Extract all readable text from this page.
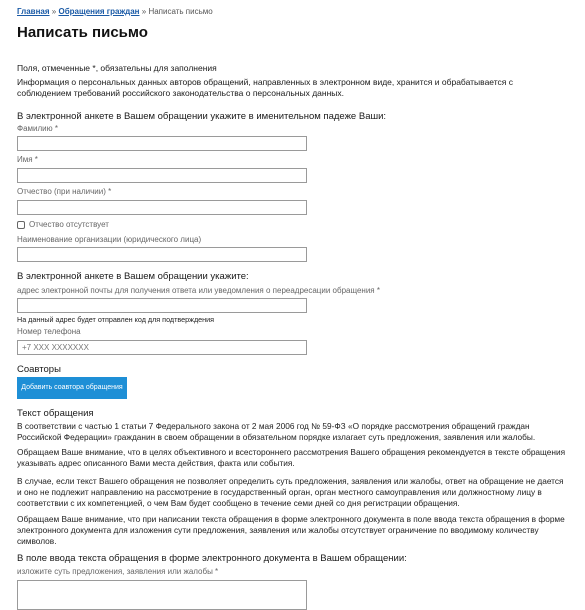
Главная » Обращения граждан » Написать письмо
Написать письмо
Поля, отмеченные *, обязательны для заполнения
Информация о персональных данных авторов обращений, направленных в электронном виде, хранится и обрабатывается с соблюдением требований российского законодательства о персональных данных.
В электронной анкете в Вашем обращении укажите в именительном падеже Ваши:
Фамилию *
Имя *
Отчество (при наличии) *
Отчество отсутствует
Наименование организации (юридического лица)
В электронной анкете в Вашем обращении укажите:
адрес электронной почты для получения ответа или уведомления о переадресации обращения *
На данный адрес будет отправлен код для подтверждения
Номер телефона
+7 XXX XXXXXXX
Соавторы
Добавить соавтора обращения
Текст обращения
В соответствии с частью 1 статьи 7 Федерального закона от 2 мая 2006 год № 59-ФЗ «О порядке рассмотрения обращений граждан Российской Федерации» гражданин в своем обращении в обязательном порядке излагает суть предложения, заявления или жалобы.
Обращаем Ваше внимание, что в целях объективного и всестороннего рассмотрения Вашего обращения рекомендуется в тексте обращения указывать адрес описанного Вами места действия, факта или события.
В случае, если текст Вашего обращения не позволяет определить суть предложения, заявления или жалобы, ответ на обращение не дается и оно не подлежит направлению на рассмотрение в государственный орган, орган местного самоуправления или должностному лицу в соответствии с их компетенцией, о чем Вам будет сообщено в течение семи дней со дня регистрации обращения.
Обращаем Ваше внимание, что при написании текста обращения в форме электронного документа в поле ввода текста обращения в форме электронного документа для изложения сути предложения, заявления или жалобы отсутствует ограничение по вводимому количеству символов.
В поле ввода текста обращения в форме электронного документа в Вашем обращении:
изложите суть предложения, заявления или жалобы *
